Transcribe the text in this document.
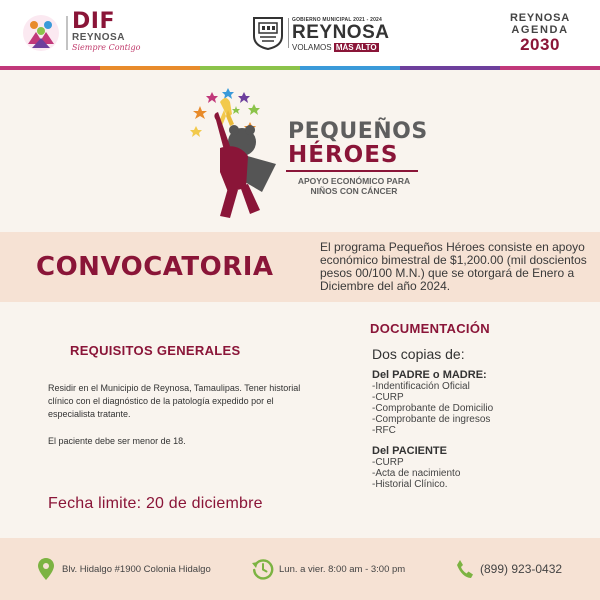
DIF
REYNOSA
Siempre Contigo
GOBIERNO MUNICIPAL 2021 - 2024
REYNOSA
VOLAMOS MÁS ALTO
REYNOSA
AGENDA
2030
PEQUEÑOS
HÉROES
APOYO ECONÓMICO PARA
NIÑOS CON CÁNCER
CONVOCATORIA
El programa Pequeños Héroes consiste en apoyo económico bimestral de $1,200.00 (mil doscientos pesos 00/100 M.N.) que se otorgará de Enero a Diciembre del año 2024.
REQUISITOS GENERALES
Residir en el Municipio de Reynosa, Tamaulipas. Tener historial clínico con el diagnóstico de la patología expedido por el especialista tratante.
El paciente debe ser menor de 18.
Fecha limite: 20 de diciembre
DOCUMENTACIÓN
Dos copias de:
Del PADRE o MADRE:
-Indentificación Oficial
-CURP
-Comprobante de Domicilio
-Comprobante de ingresos
-RFC
Del PACIENTE
-CURP
-Acta de nacimiento
-Historial Clínico.
Blv. Hidalgo #1900 Colonia Hidalgo	Lun. a vier. 8:00 am - 3:00 pm	(899) 923-0432
